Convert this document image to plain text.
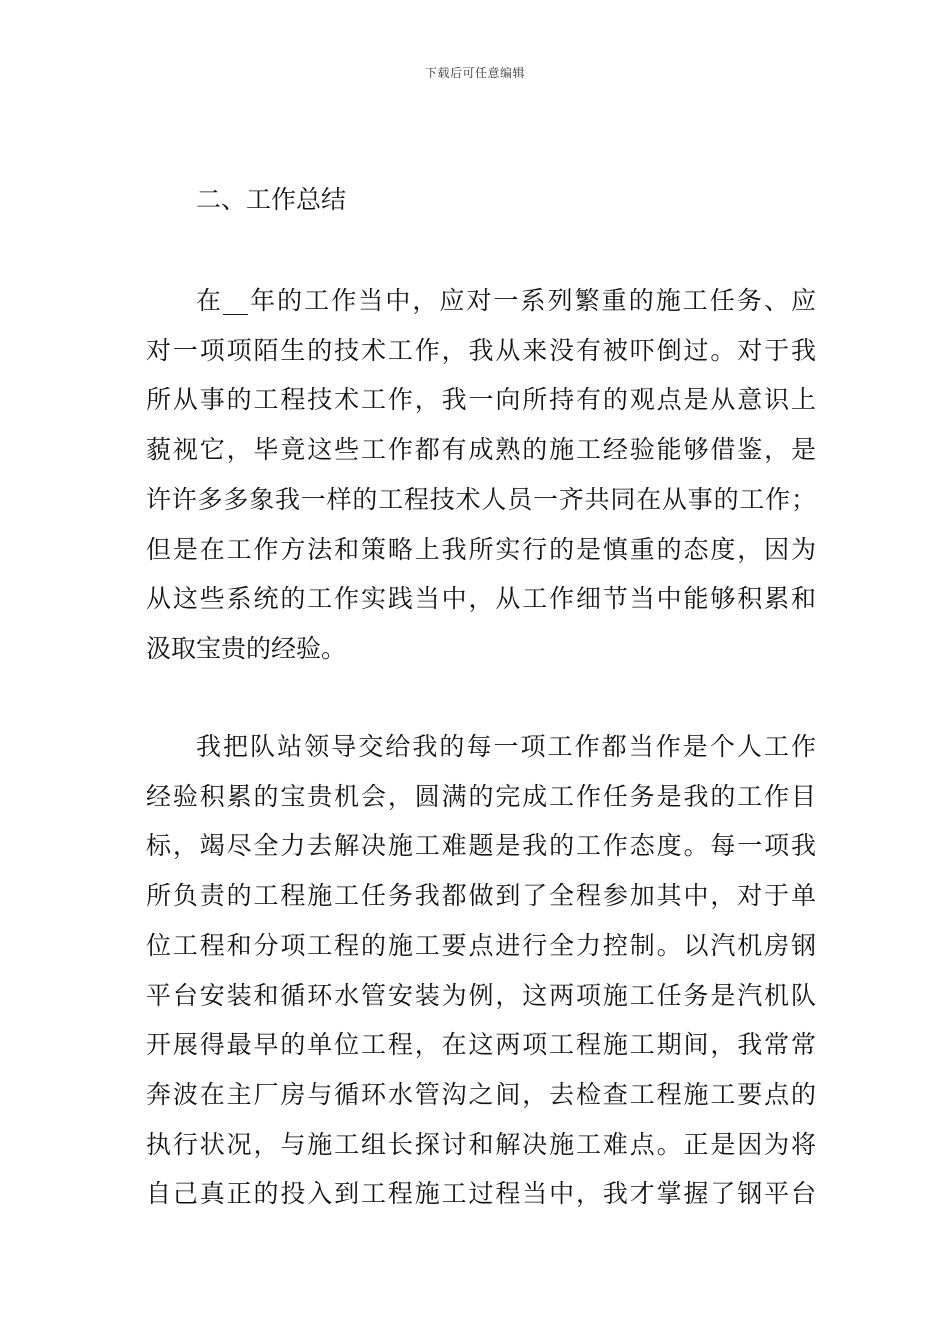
下载后可任意编辑
二、工作总结
在__年的工作当中，应对一系列繁重的施工任务、应
对一项项陌生的技术工作，我从来没有被吓倒过。对于我
所从事的工程技术工作，我一向所持有的观点是从意识上
藐视它，毕竟这些工作都有成熟的施工经验能够借鉴，是
许许多多象我一样的工程技术人员一齐共同在从事的工作；
但是在工作方法和策略上我所实行的是慎重的态度，因为
从这些系统的工作实践当中，从工作细节当中能够积累和
汲取宝贵的经验。
我把队站领导交给我的每一项工作都当作是个人工作
经验积累的宝贵机会，圆满的完成工作任务是我的工作目
标，竭尽全力去解决施工难题是我的工作态度。每一项我
所负责的工程施工任务我都做到了全程参加其中，对于单
位工程和分项工程的施工要点进行全力控制。以汽机房钢
平台安装和循环水管安装为例，这两项施工任务是汽机队
开展得最早的单位工程，在这两项工程施工期间，我常常
奔波在主厂房与循环水管沟之间，去检查工程施工要点的
执行状况，与施工组长探讨和解决施工难点。正是因为将
自己真正的投入到工程施工过程当中，我才掌握了钢平台
